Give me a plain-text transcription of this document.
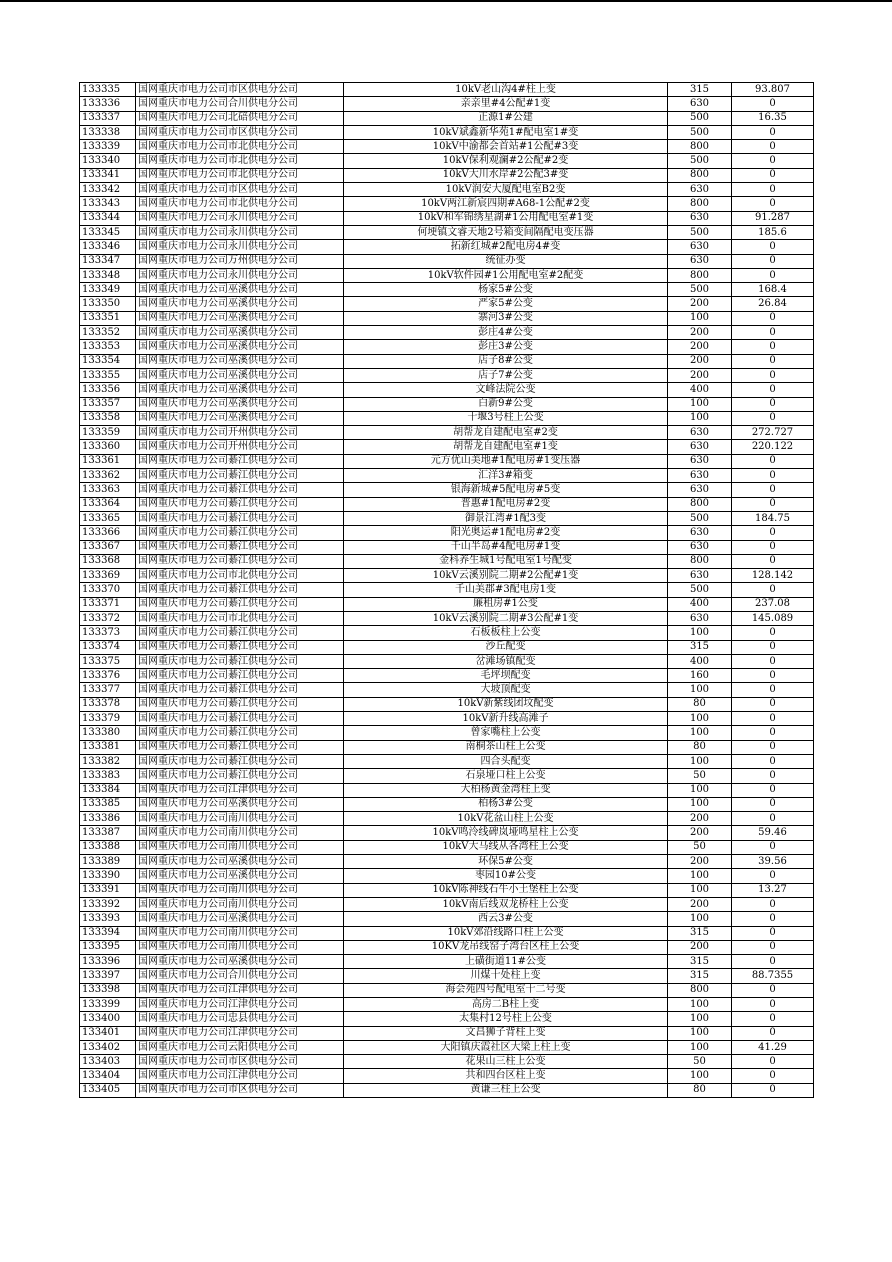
133335	国网重庆市电力公司市区供电分公司	10kV老山沟4#柱上变	315	93.807
133336	国网重庆市电力公司合川供电分公司	亲亲里#4公配#1变	630	0
133337	国网重庆市电力公司北碚供电分公司	正源1#公建	500	16.35
133338	国网重庆市电力公司市区供电分公司	10kV斌鑫新华苑1#配电室1#变	500	0
133339	国网重庆市电力公司市北供电分公司	10kV中渝都会首站#1公配#3变	800	0
133340	国网重庆市电力公司市北供电分公司	10kV保利观澜#2公配#2变	500	0
133341	国网重庆市电力公司市北供电分公司	10kV大川水岸#2公配3#变	800	0
133342	国网重庆市电力公司市区供电分公司	10kV润安大厦配电室B2变	630	0
133343	国网重庆市电力公司市北供电分公司	10kV两江新宸四期#A68-1公配#2变	800	0
133344	国网重庆市电力公司永川供电分公司	10kV和军锦绣星湖#1公用配电室#1变	630	91.287
133345	国网重庆市电力公司永川供电分公司	何埂镇文睿天地2号箱变间隔配电变压器	500	185.6
133346	国网重庆市电力公司永川供电分公司	拓新红城#2配电房4#变	630	0
133347	国网重庆市电力公司万州供电分公司	统征办变	630	0
133348	国网重庆市电力公司永川供电分公司	10kV软件园#1公用配电室#2配变	800	0
133349	国网重庆市电力公司巫溪供电分公司	杨家5#公变	500	168.4
133350	国网重庆市电力公司巫溪供电分公司	严家5#公变	200	26.84
133351	国网重庆市电力公司巫溪供电分公司	寨河3#公变	100	0
133352	国网重庆市电力公司巫溪供电分公司	彭庄4#公变	200	0
133353	国网重庆市电力公司巫溪供电分公司	彭庄3#公变	200	0
133354	国网重庆市电力公司巫溪供电分公司	店子8#公变	200	0
133355	国网重庆市电力公司巫溪供电分公司	店子7#公变	200	0
133356	国网重庆市电力公司巫溪供电分公司	文峰法院公变	400	0
133357	国网重庆市电力公司巫溪供电分公司	白新9#公变	100	0
133358	国网重庆市电力公司巫溪供电分公司	十堰3号柱上公变	100	0
133359	国网重庆市电力公司开州供电分公司	胡帮龙自建配电室#2变	630	272.727
133360	国网重庆市电力公司开州供电分公司	胡帮龙自建配电室#1变	630	220.122
133361	国网重庆市电力公司綦江供电分公司	元方优山美地#1配电房#1变压器	630	0
133362	国网重庆市电力公司綦江供电分公司	汇洋3#箱变	630	0
133363	国网重庆市电力公司綦江供电分公司	银海新城#5配电房#5变	630	0
133364	国网重庆市电力公司綦江供电分公司	普惠#1配电房#2变	800	0
133365	国网重庆市电力公司綦江供电分公司	御景江湾#1配3变	500	184.75
133366	国网重庆市电力公司綦江供电分公司	阳光奥运#1配电房#2变	630	0
133367	国网重庆市电力公司綦江供电分公司	千山半岛#4配电房#1变	630	0
133368	国网重庆市电力公司綦江供电分公司	金科养生城1号配电室1号配变	800	0
133369	国网重庆市电力公司市北供电分公司	10kV云溪别院二期#2公配#1变	630	128.142
133370	国网重庆市电力公司綦江供电分公司	千山美郡#3配电房1变	500	0
133371	国网重庆市电力公司綦江供电分公司	廉租房#1公变	400	237.08
133372	国网重庆市电力公司市北供电分公司	10kV云溪别院二期#3公配#1变	630	145.089
133373	国网重庆市电力公司綦江供电分公司	石板板柱上公变	100	0
133374	国网重庆市电力公司綦江供电分公司	沙丘配变	315	0
133375	国网重庆市电力公司綦江供电分公司	岔滩场镇配变	400	0
133376	国网重庆市电力公司綦江供电分公司	毛坪坝配变	160	0
133377	国网重庆市电力公司綦江供电分公司	大坡顶配变	100	0
133378	国网重庆市电力公司綦江供电分公司	10kV新紫线团坟配变	80	0
133379	国网重庆市电力公司綦江供电分公司	10kV新升线高滩子	100	0
133380	国网重庆市电力公司綦江供电分公司	曾家嘴柱上公变	100	0
133381	国网重庆市电力公司綦江供电分公司	南桐茶山柱上公变	80	0
133382	国网重庆市电力公司綦江供电分公司	四合头配变	100	0
133383	国网重庆市电力公司綦江供电分公司	石泉垭口柱上公变	50	0
133384	国网重庆市电力公司江津供电分公司	大柏杨黄金湾柱上变	100	0
133385	国网重庆市电力公司巫溪供电分公司	柏杨3#公变	100	0
133386	国网重庆市电力公司南川供电分公司	10kV花盆山柱上公变	200	0
133387	国网重庆市电力公司南川供电分公司	10kV鸣泠线碑岚垭鸣星柱上公变	200	59.46
133388	国网重庆市电力公司南川供电分公司	10kV大马线从各湾柱上公变	50	0
133389	国网重庆市电力公司巫溪供电分公司	环保5#公变	200	39.56
133390	国网重庆市电力公司巫溪供电分公司	枣园10#公变	100	0
133391	国网重庆市电力公司南川供电分公司	10kV陈神线石牛小土堡柱上公变	100	13.27
133392	国网重庆市电力公司南川供电分公司	10kV南后线双龙桥柱上公变	200	0
133393	国网重庆市电力公司巫溪供电分公司	西云3#公变	100	0
133394	国网重庆市电力公司南川供电分公司	10kV郊沿线路口柱上公变	315	0
133395	国网重庆市电力公司南川供电分公司	10KV龙吊线窑子湾台区柱上公变	200	0
133396	国网重庆市电力公司巫溪供电分公司	上磺街道11#公变	315	0
133397	国网重庆市电力公司合川供电分公司	川煤十处柱上变	315	88.7355
133398	国网重庆市电力公司江津供电分公司	海会苑四号配电室十二号变	800	0
133399	国网重庆市电力公司江津供电分公司	高房二B柱上变	100	0
133400	国网重庆市电力公司忠县供电分公司	太集村12号柱上公变	100	0
133401	国网重庆市电力公司江津供电分公司	文昌狮子背柱上变	100	0
133402	国网重庆市电力公司云阳供电分公司	大阳镇庆霞社区大梁上柱上变	100	41.29
133403	国网重庆市电力公司市区供电分公司	花果山三柱上公变	50	0
133404	国网重庆市电力公司江津供电分公司	共和四台区柱上变	100	0
133405	国网重庆市电力公司市区供电分公司	黄谦三柱上公变	80	0
